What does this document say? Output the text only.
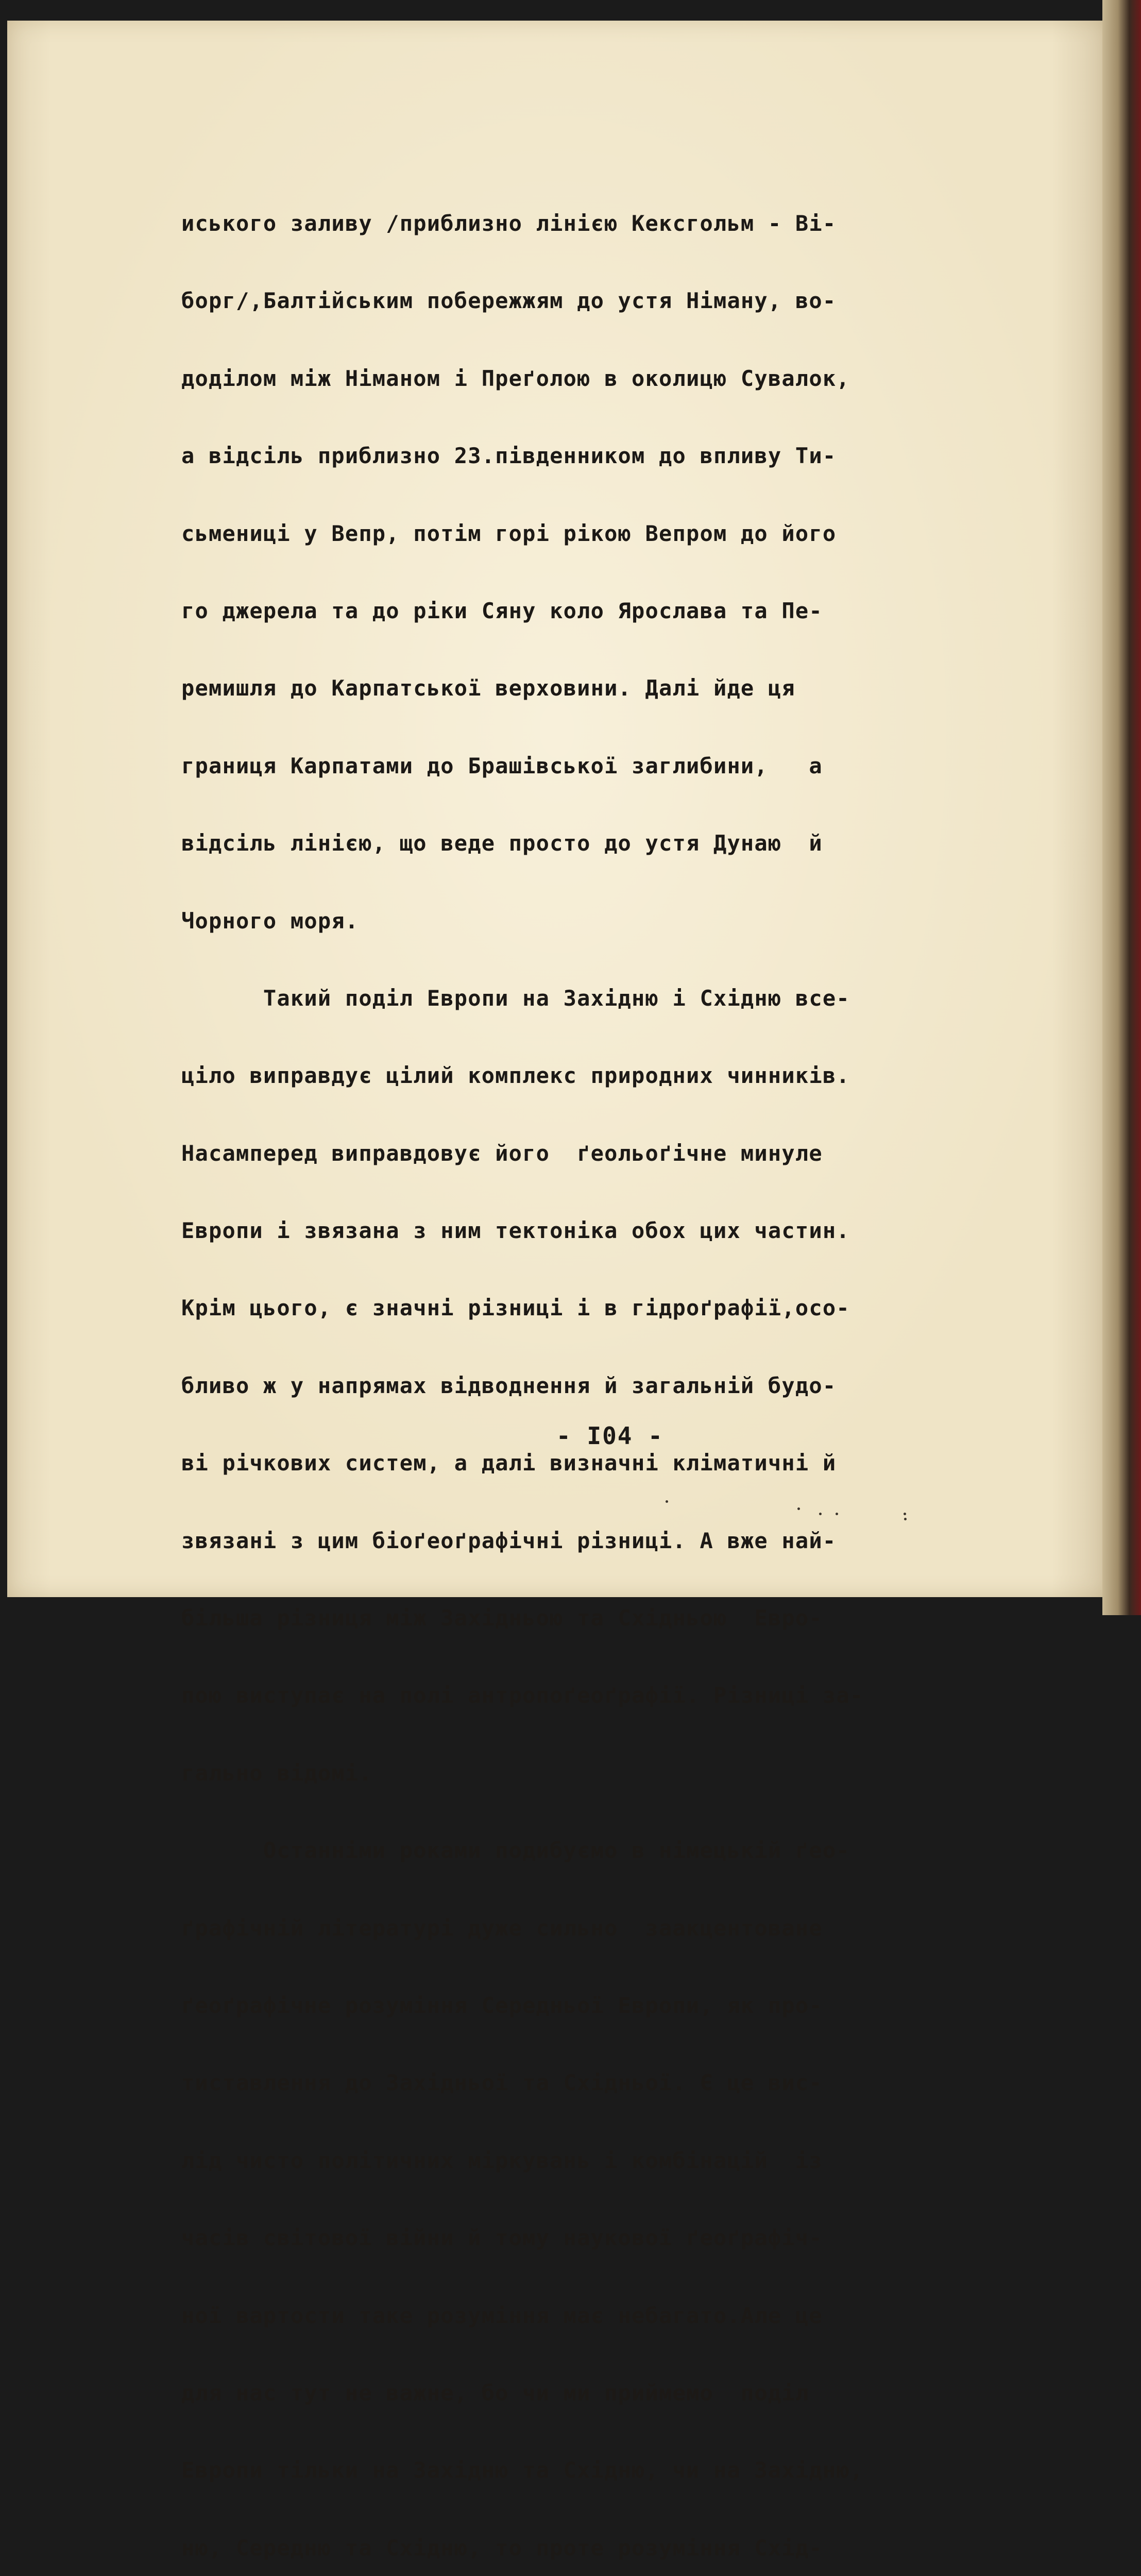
иського заливу /приблизно лінією Кексгольм - Ві-

борг/,Балтійським побережжям до устя Німану, во-

доділом між Німаном і Преґолою в околицю Сувалок,

а відсіль приблизно 23.південником до впливу Ти-

сьмениці у Вепр, потім горі рікою Вепром до його

го джерела та до ріки Сяну коло Ярослава та Пе-

ремишля до Карпатської верховини. Далі йде ця

границя Карпатами до Брашівської заглибини,   а

відсіль лінією, що веде просто до устя Дунаю  й

Чорного моря.

Такий поділ Европи на Західню і Східню все-

ціло виправдує цілий комплекс природних чинників.

Насамперед виправдовує його  ґеольоґічне минуле

Европи і звязана з ним тектоніка обох цих частин.

Крім цього, є значні різниці і в гідроґрафії,осо-

бливо ж у напрямах відводнення й загальній будо-

ві річкових систем, а далі визначні кліматичні й

звязані з цим біоґеоґрафічні різниці. А вже най-

більша різниця між Західньою та Східньою  Евро-

пою виступає на полі антропоґеоґрафії. Різниці за-

гально відомі.

Останніми роками подибуємо в німецькій ґео-

ґрафічній літературі дуже сильно  заакцентоване

ґеоґрафічне розуміння Середньої Европи, як про-

тиставлення до Західньої та Східньої. Є це вис-

лід чисто політичних міркувань і комбінацій  із

часів світової війни й тому наукової ґеоґрафіч-

ної вартости таке розуміння має небагато.Але це

для нас тут не важне, бо чи ми приймемо  поділ

Европи тільки на Західню та Східню, чи на Західню,

ню, Середню та Східню, то проте розуміння Схід-

- I04 -
